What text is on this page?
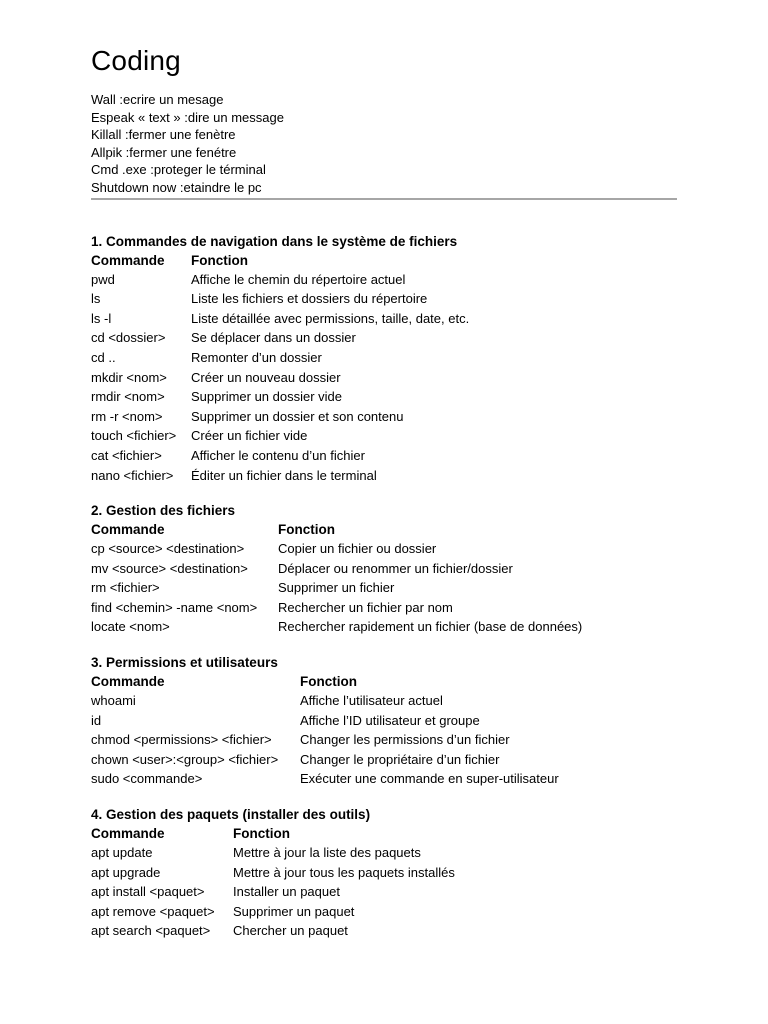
Coding
Wall :ecrire un mesage
Espeak « text » :dire un message
Killall :fermer une fenètre
Allpik :fermer une fenétre
Cmd .exe :proteger le términal
Shutdown now :etaindre le pc
1. Commandes de navigation dans le système de fichiers
Commande	Fonction
pwd	Affiche le chemin du répertoire actuel
ls	Liste les fichiers et dossiers du répertoire
ls -l	Liste détaillée avec permissions, taille, date, etc.
cd <dossier>	Se déplacer dans un dossier
cd ..	Remonter d’un dossier
mkdir <nom>	Créer un nouveau dossier
rmdir <nom>	Supprimer un dossier vide
rm -r <nom>	Supprimer un dossier et son contenu
touch <fichier>	Créer un fichier vide
cat <fichier>	Afficher le contenu d’un fichier
nano <fichier>	Éditer un fichier dans le terminal
2. Gestion des fichiers
Commande	Fonction
cp <source> <destination>	Copier un fichier ou dossier
mv <source> <destination>	Déplacer ou renommer un fichier/dossier
rm <fichier>	Supprimer un fichier
find <chemin> -name <nom>	Rechercher un fichier par nom
locate <nom>	Rechercher rapidement un fichier (base de données)
3. Permissions et utilisateurs
Commande	Fonction
whoami	Affiche l’utilisateur actuel
id	Affiche l’ID utilisateur et groupe
chmod <permissions> <fichier>	Changer les permissions d’un fichier
chown <user>:<group> <fichier>	Changer le propriétaire d’un fichier
sudo <commande>	Exécuter une commande en super-utilisateur
4. Gestion des paquets (installer des outils)
Commande	Fonction
apt update	Mettre à jour la liste des paquets
apt upgrade	Mettre à jour tous les paquets installés
apt install <paquet>	Installer un paquet
apt remove <paquet>	Supprimer un paquet
apt search <paquet>	Chercher un paquet
